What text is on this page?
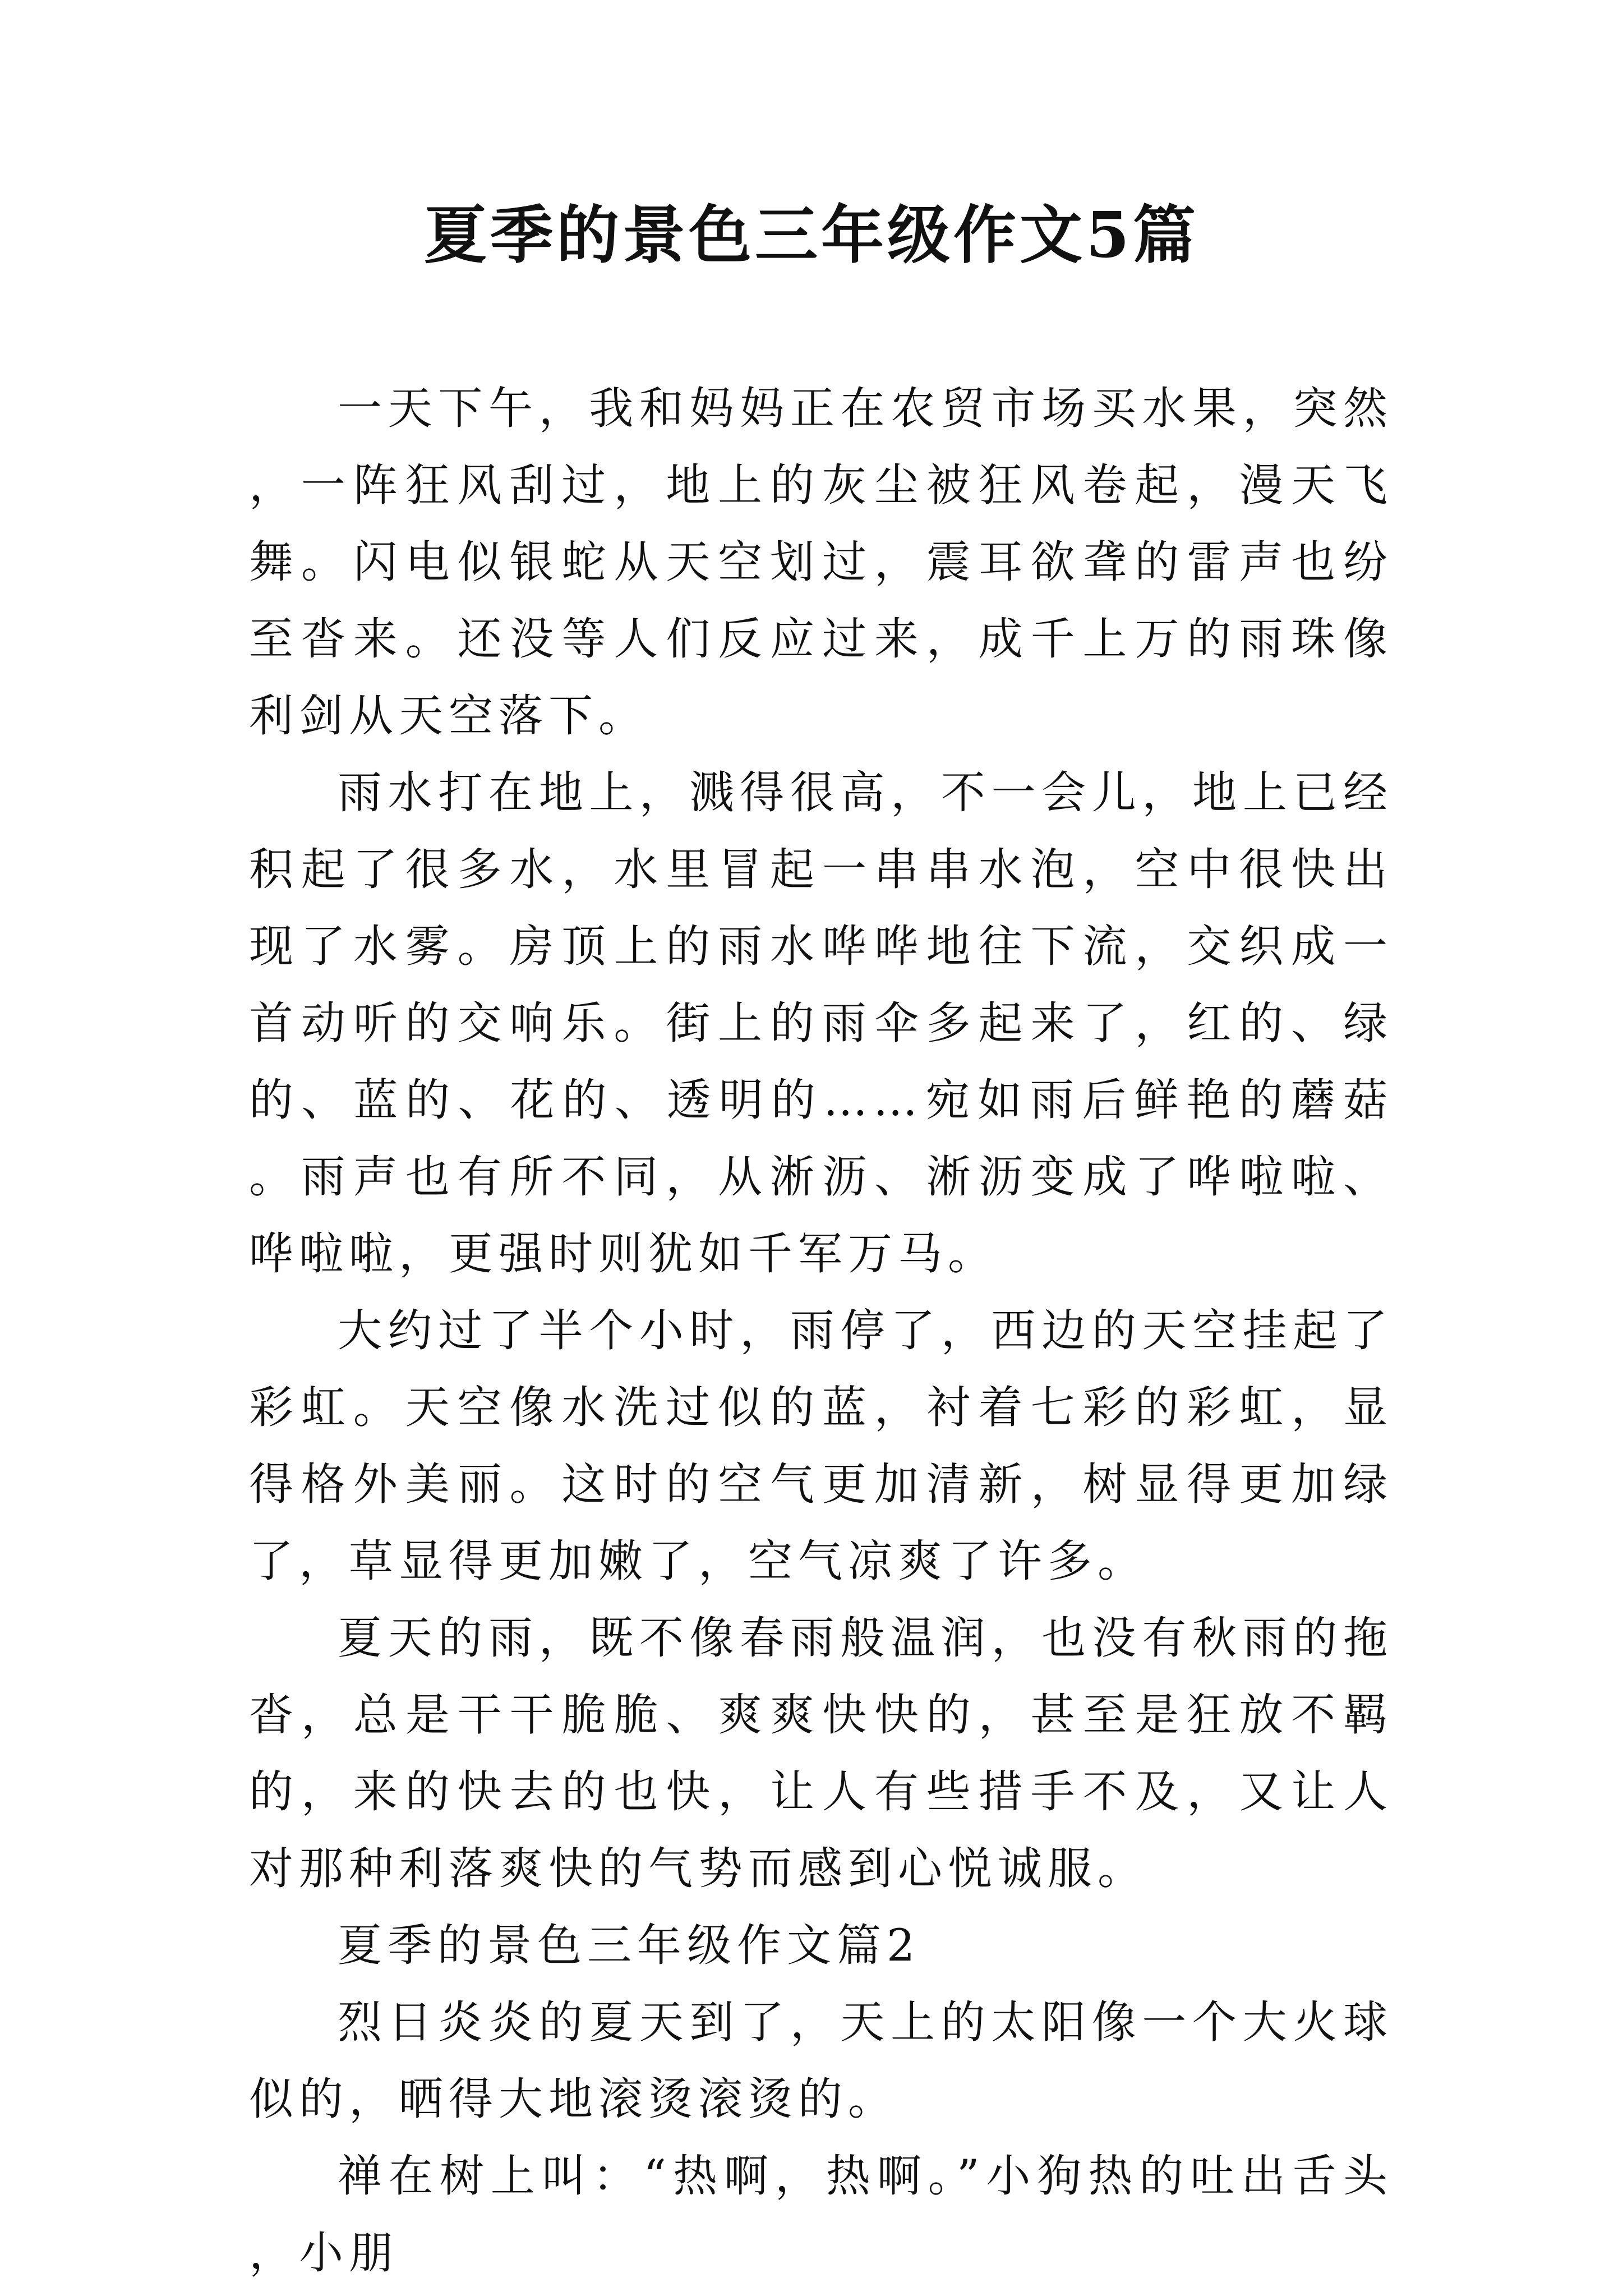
夏季的景色三年级作文5篇

一天下午，我和妈妈正在农贸市场买水果，突然，一阵狂风刮过，地上的灰尘被狂风卷起，漫天飞舞。闪电似银蛇从天空划过，震耳欲聋的雷声也纷至沓来。还没等人们反应过来，成千上万的雨珠像利剑从天空落下。

雨水打在地上，溅得很高，不一会儿，地上已经积起了很多水，水里冒起一串串水泡，空中很快出现了水雾。房顶上的雨水哗哗地往下流，交织成一首动听的交响乐。街上的雨伞多起来了，红的、绿的、蓝的、花的、透明的……宛如雨后鲜艳的蘑菇。雨声也有所不同，从淅沥、淅沥变成了哗啦啦、哗啦啦，更强时则犹如千军万马。

大约过了半个小时，雨停了，西边的天空挂起了彩虹。天空像水洗过似的蓝，衬着七彩的彩虹，显得格外美丽。这时的空气更加清新，树显得更加绿了，草显得更加嫩了，空气凉爽了许多。

夏天的雨，既不像春雨般温润，也没有秋雨的拖沓，总是干干脆脆、爽爽快快的，甚至是狂放不羁的，来的快去的也快，让人有些措手不及，又让人对那种利落爽快的气势而感到心悦诚服。

夏季的景色三年级作文篇2

烈日炎炎的夏天到了，天上的太阳像一个大火球似的，晒得大地滚烫滚烫的。

禅在树上叫：“热啊，热啊。”小狗热的吐出舌头，小朋
